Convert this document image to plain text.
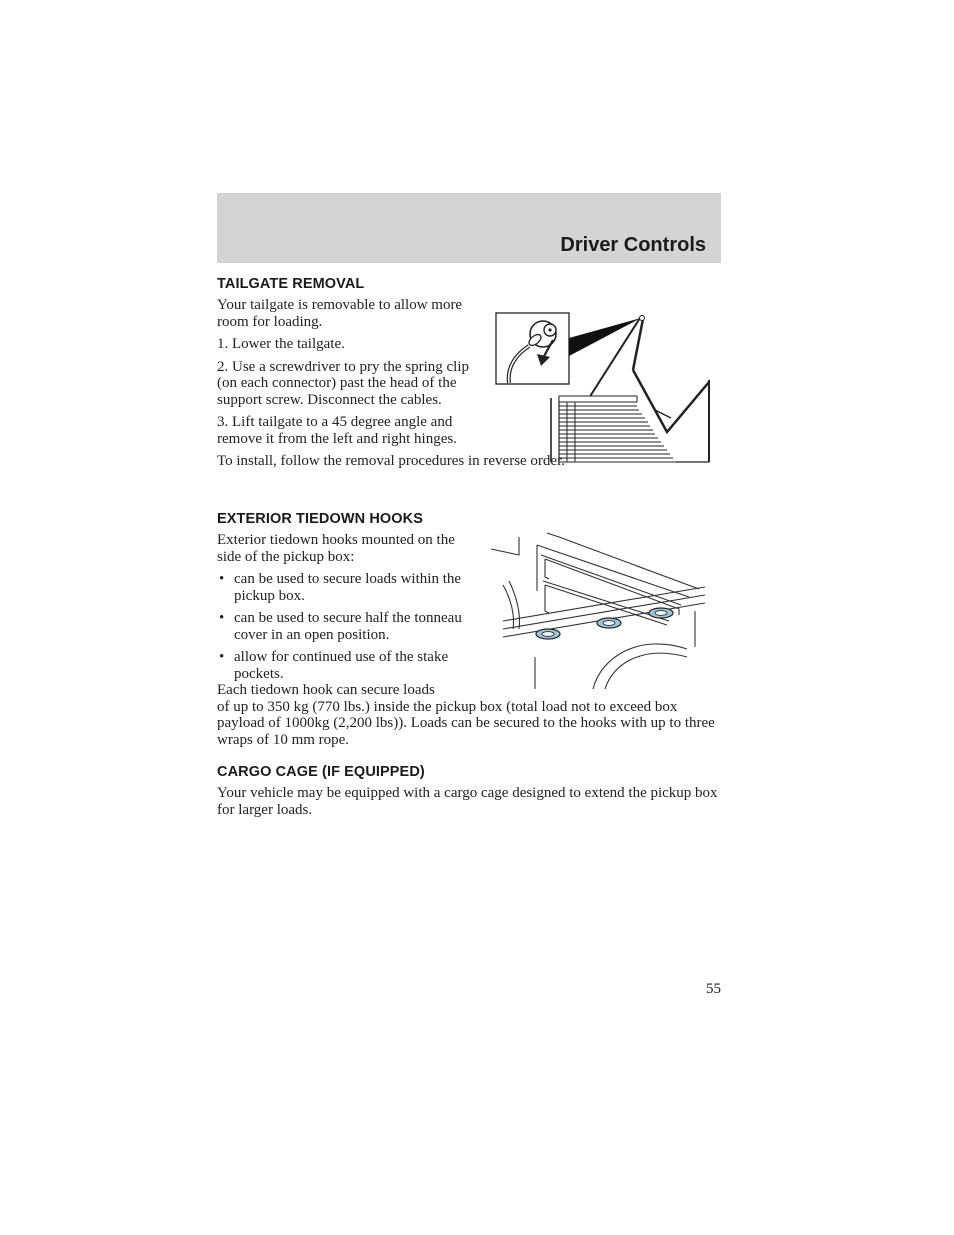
Driver Controls
TAILGATE REMOVAL

Your tailgate is removable to allow more room for loading.

1. Lower the tailgate.

2. Use a screwdriver to pry the spring clip (on each connector) past the head of the support screw. Disconnect the cables.

3. Lift tailgate to a 45 degree angle and remove it from the left and right hinges.

To install, follow the removal procedures in reverse order.

EXTERIOR TIEDOWN HOOKS

Exterior tiedown hooks mounted on the side of the pickup box:

• can be used to secure loads within the pickup box.
• can be used to secure half the tonneau cover in an open position.
• allow for continued use of the stake pockets.

Each tiedown hook can secure loads
of up to 350 kg (770 lbs.) inside the pickup box (total load not to exceed box payload of 1000kg (2,200 lbs)). Loads can be secured to the hooks with up to three wraps of 10 mm rope.

CARGO CAGE (IF EQUIPPED)

Your vehicle may be equipped with a cargo cage designed to extend the pickup box for larger loads.

55
